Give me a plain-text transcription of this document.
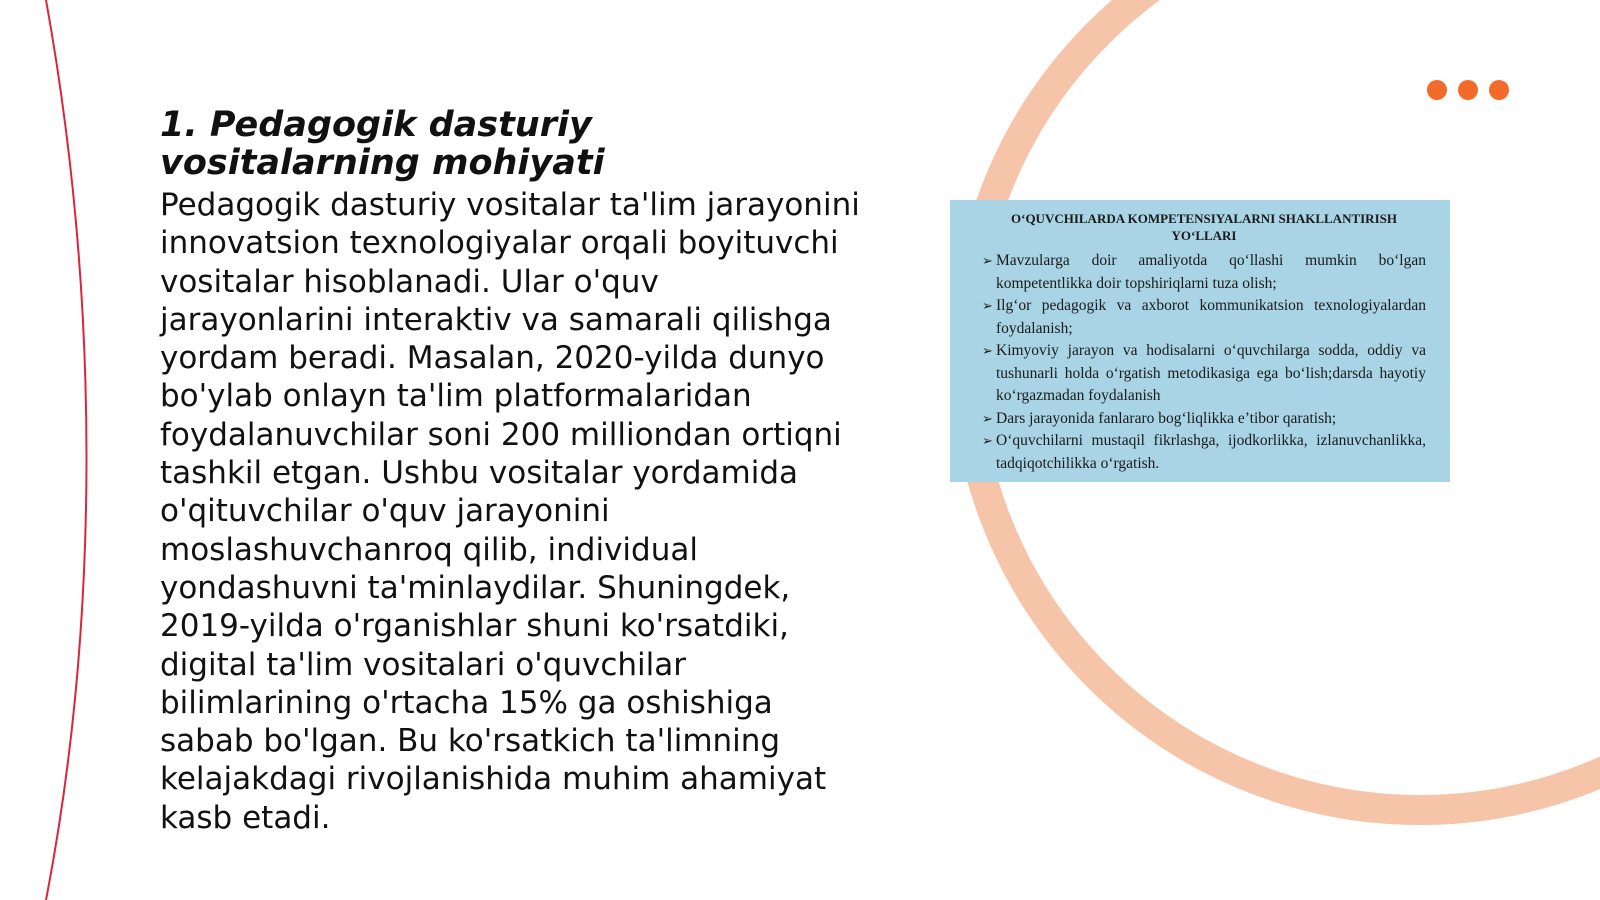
1. Pedagogik dasturiy vositalarning mohiyati

Pedagogik dasturiy vositalar ta'lim jarayonini innovatsion texnologiyalar orqali boyituvchi vositalar hisoblanadi. Ular o'quv jarayonlarini interaktiv va samarali qilishga yordam beradi. Masalan, 2020-yilda dunyo bo'ylab onlayn ta'lim platformalaridan foydalanuvchilar soni 200 milliondan ortiqni tashkil etgan. Ushbu vositalar yordamida o'qituvchilar o'quv jarayonini moslashuvchanroq qilib, individual yondashuvni ta'minlaydilar. Shuningdek, 2019-yilda o'rganishlar shuni ko'rsatdiki, digital ta'lim vositalari o'quvchilar bilimlarining o'rtacha 15% ga oshishiga sabab bo'lgan. Bu ko'rsatkich ta'limning kelajakdagi rivojlanishida muhim ahamiyat kasb etadi.

O‘QUVCHILARDA KOMPETENSIYALARNI SHAKLLANTIRISH YO‘LLARI

➢ Mavzularga doir amaliyotda qo‘llashi mumkin bo‘lgan kompetentlikka doir topshiriqlarni tuza olish;
➢ Ilg‘or pedagogik va axborot kommunikatsion texnologiyalardan foydalanish;
➢ Kimyoviy jarayon va hodisalarni o‘quvchilarga sodda, oddiy va tushunarli holda o‘rgatish metodikasiga ega bo‘lish;darsda hayotiy ko‘rgazmadan foydalanish
➢ Dars jarayonida fanlararo bog‘liqlikka e’tibor qaratish;
➢ O‘quvchilarni mustaqil fikrlashga, ijodkorlikka, izlanuvchanlikka, tadqiqotchilikka o‘rgatish.
